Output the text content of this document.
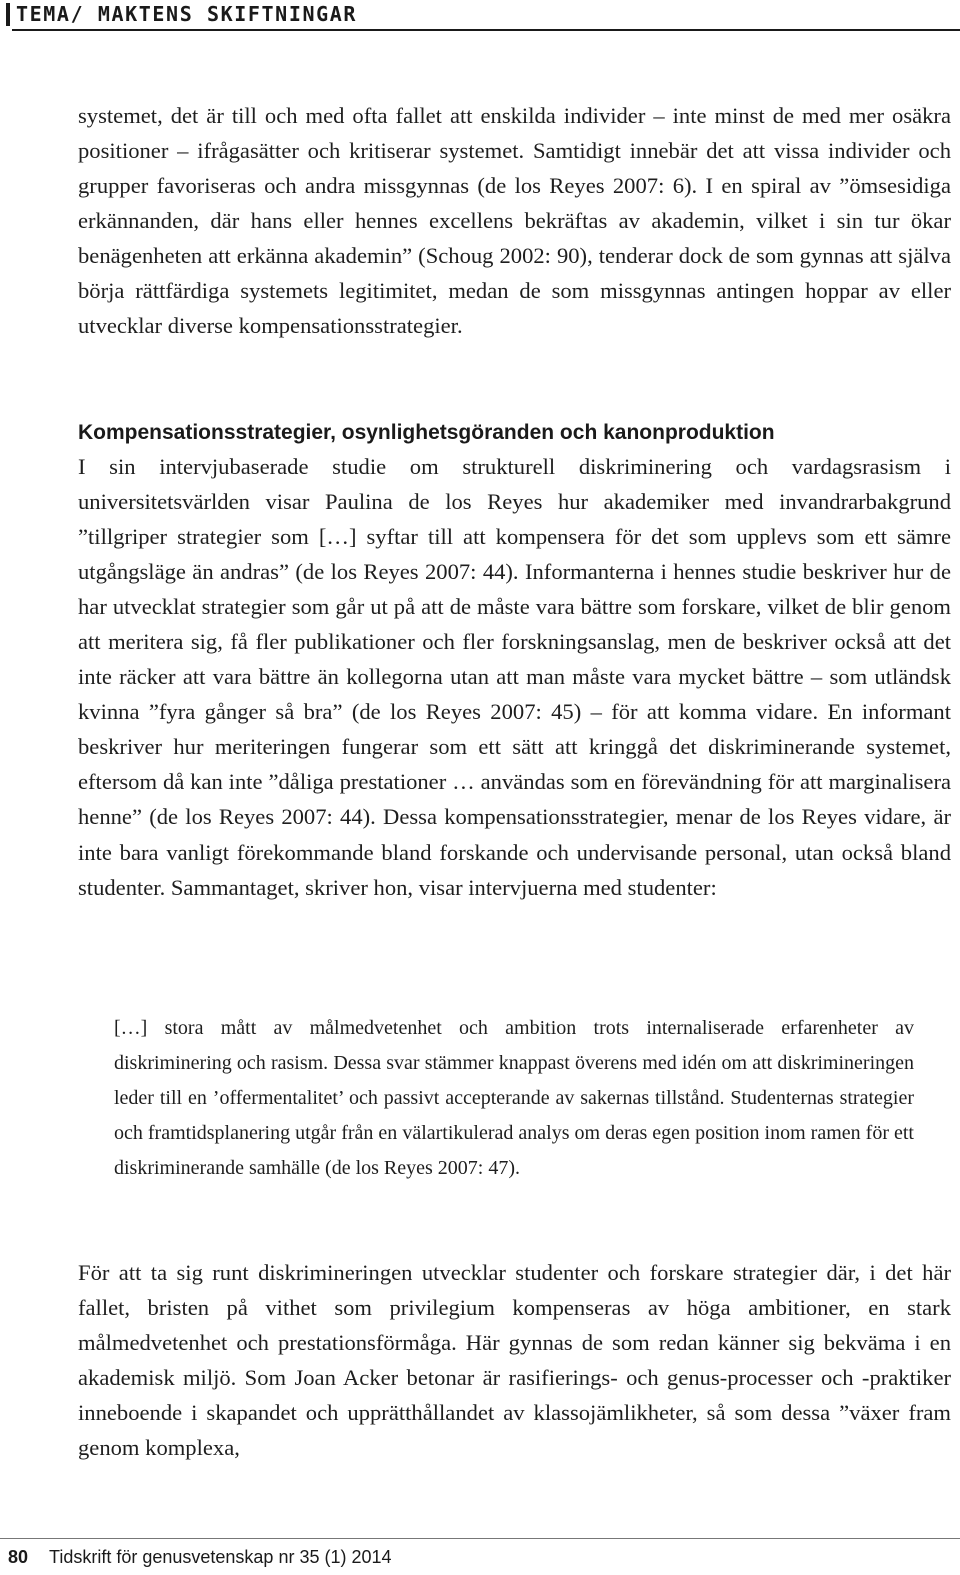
TEMA/ MAKTENS SKIFTNINGAR

systemet, det är till och med ofta fallet att enskilda individer – inte minst de med mer osäkra positioner – ifrågasätter och kritiserar systemet. Samtidigt innebär det att vissa individer och grupper favoriseras och andra missgynnas (de los Reyes 2007: 6). I en spiral av ”ömsesidiga erkännanden, där hans eller hennes excellens bekräftas av akademin, vilket i sin tur ökar benägenheten att erkänna akademin” (Schoug 2002: 90), tenderar dock de som gynnas att själva börja rättfärdiga systemets legitimitet, medan de som missgynnas antingen hoppar av eller utvecklar diverse kompensationsstrategier.

Kompensationsstrategier, osynlighetsgöranden och kanonproduktion

I sin intervjubaserade studie om strukturell diskriminering och vardagsrasism i universitetsvärlden visar Paulina de los Reyes hur akademiker med invandrarbakgrund ”tillgriper strategier som […] syftar till att kompensera för det som upplevs som ett sämre utgångsläge än andras” (de los Reyes 2007: 44). Informanterna i hennes studie beskriver hur de har utvecklat strategier som går ut på att de måste vara bättre som forskare, vilket de blir genom att meritera sig, få fler publikationer och fler forskningsanslag, men de beskriver också att det inte räcker att vara bättre än kollegorna utan att man måste vara mycket bättre – som utländsk kvinna ”fyra gånger så bra” (de los Reyes 2007: 45) – för att komma vidare. En informant beskriver hur meriteringen fungerar som ett sätt att kringgå det diskriminerande systemet, eftersom då kan inte ”dåliga prestationer … användas som en förevändning för att marginalisera henne” (de los Reyes 2007: 44). Dessa kompensationsstrategier, menar de los Reyes vidare, är inte bara vanligt förekommande bland forskande och undervisande personal, utan också bland studenter. Sammantaget, skriver hon, visar intervjuerna med studenter:

[…] stora mått av målmedvetenhet och ambition trots internaliserade erfarenheter av diskriminering och rasism. Dessa svar stämmer knappast överens med idén om att diskrimineringen leder till en ’offermentalitet’ och passivt accepterande av sakernas tillstånd. Studenternas strategier och framtidsplanering utgår från en välartikulerad analys om deras egen position inom ramen för ett diskriminerande samhälle (de los Reyes 2007: 47).

För att ta sig runt diskrimineringen utvecklar studenter och forskare strategier där, i det här fallet, bristen på vithet som privilegium kompenseras av höga ambitioner, en stark målmedvetenhet och prestationsförmåga. Här gynnas de som redan känner sig bekväma i en akademisk miljö. Som Joan Acker betonar är rasifierings- och genus-processer och -praktiker inneboende i skapandet och upprätthållandet av klassojämlikheter, så som dessa ”växer fram genom komplexa,

80 Tidskrift för genusvetenskap nr 35 (1) 2014
